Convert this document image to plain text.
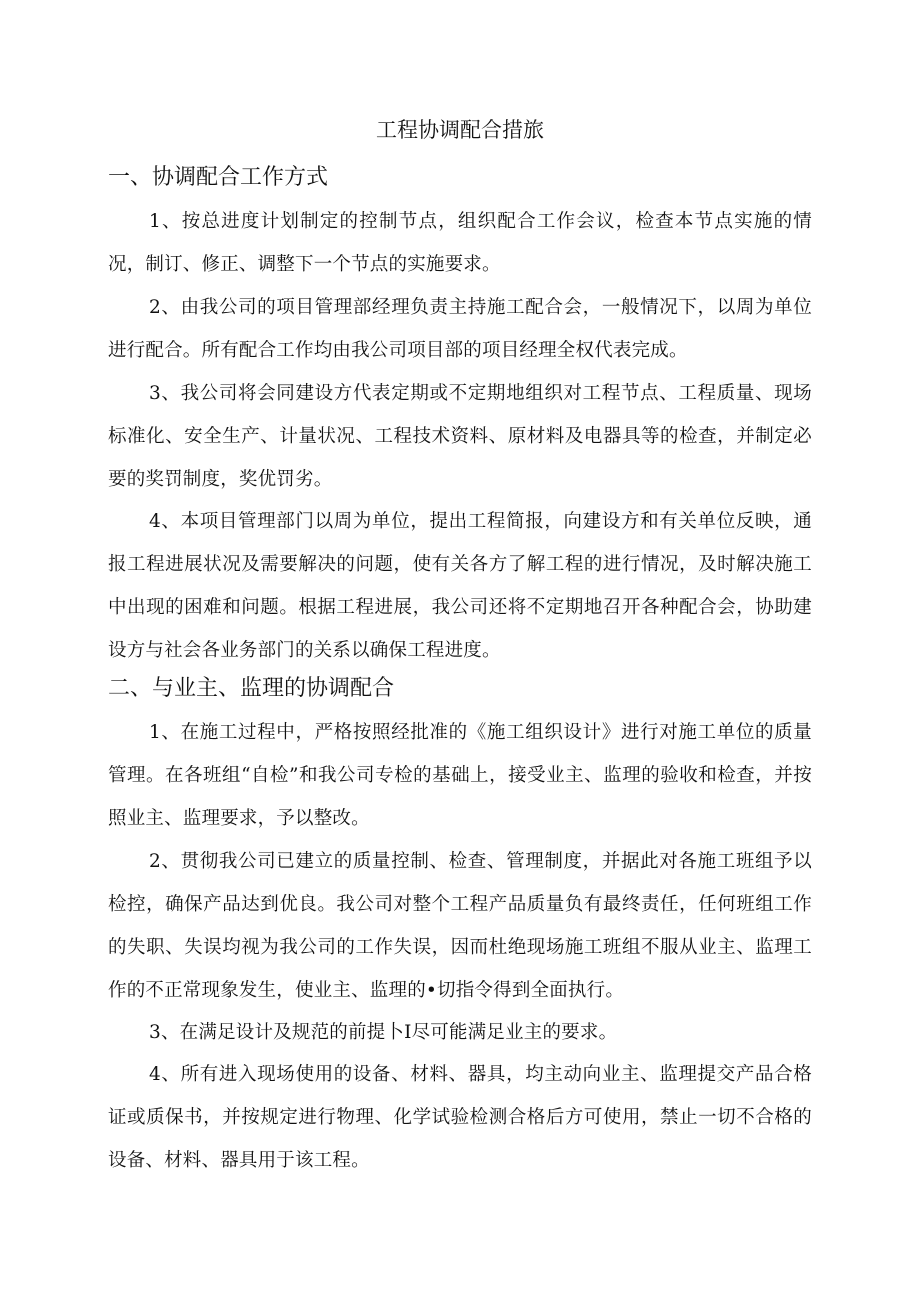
工程协调配合措旅
一、协调配合工作方式

1、按总进度计划制定的控制节点，组织配合工作会议，检查本节点实施的情况，制订、修正、调整下一个节点的实施要求。

2、由我公司的项目管理部经理负责主持施工配合会，一般情况下，以周为单位进行配合。所有配合工作均由我公司项目部的项目经理全权代表完成。

3、我公司将会同建设方代表定期或不定期地组织对工程节点、工程质量、现场标准化、安全生产、计量状况、工程技术资料、原材料及电器具等的检查，并制定必要的奖罚制度，奖优罚劣。

4、本项目管理部门以周为单位，提出工程简报，向建设方和有关单位反映，通报工程进展状况及需要解决的问题，使有关各方了解工程的进行情况，及时解决施工中出现的困难和问题。根据工程进展，我公司还将不定期地召开各种配合会，协助建设方与社会各业务部门的关系以确保工程进度。

二、与业主、监理的协调配合

1、在施工过程中，严格按照经批准的《施工组织设计》进行对施工单位的质量管理。在各班组“自检”和我公司专检的基础上，接受业主、监理的验收和检查，并按照业主、监理要求，予以整改。

2、贯彻我公司已建立的质量控制、检查、管理制度，并据此对各施工班组予以检控，确保产品达到优良。我公司对整个工程产品质量负有最终责任，任何班组工作的失职、失误均视为我公司的工作失误，因而杜绝现场施工班组不服从业主、监理工作的不正常现象发生，使业主、监理的•切指令得到全面执行。

3、在满足设计及规范的前提卜I尽可能满足业主的要求。

4、所有进入现场使用的设备、材料、器具，均主动向业主、监理提交产品合格证或质保书，并按规定进行物理、化学试验检测合格后方可使用，禁止一切不合格的设备、材料、器具用于该工程。
